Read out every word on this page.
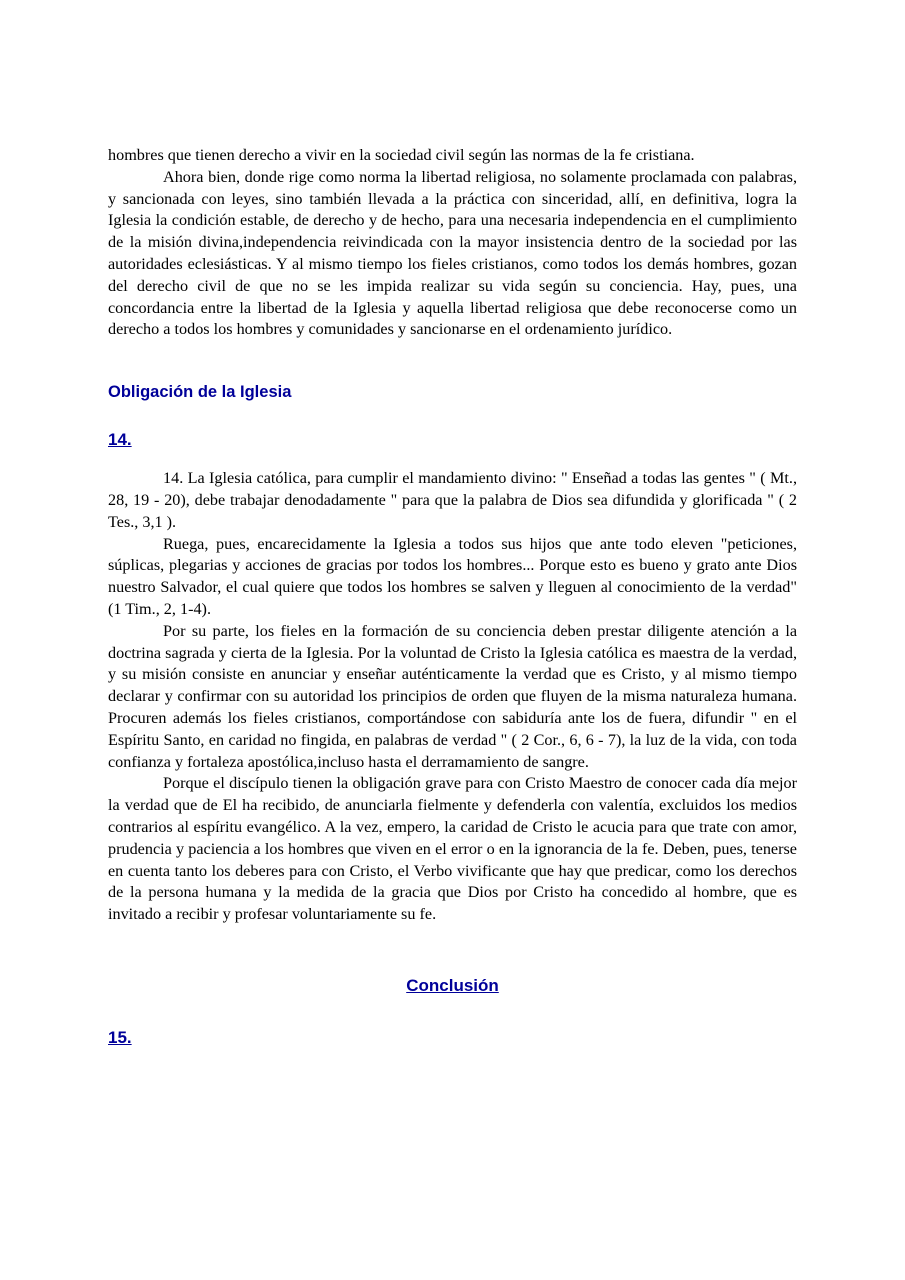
hombres que tienen derecho a vivir en la sociedad civil según las normas de la fe cristiana.

Ahora bien, donde rige como norma la libertad religiosa, no solamente proclamada con palabras, y sancionada con leyes, sino también llevada a la práctica con sinceridad, allí, en definitiva, logra la Iglesia la condición estable, de derecho y de hecho, para una necesaria independencia en el cumplimiento de la misión divina,independencia reivindicada con la mayor insistencia dentro de la sociedad por las autoridades eclesiásticas. Y al mismo tiempo los fieles cristianos, como todos los demás hombres, gozan del derecho civil de que no se les impida realizar su vida según su conciencia. Hay, pues, una concordancia entre la libertad de la Iglesia y aquella libertad religiosa que debe reconocerse como un derecho a todos los hombres y comunidades y sancionarse en el ordenamiento jurídico.

Obligación de la Iglesia

14.

14. La Iglesia católica, para cumplir el mandamiento divino: " Enseñad a todas las gentes " ( Mt., 28, 19 - 20), debe trabajar denodadamente " para que la palabra de Dios sea difundida y glorificada " ( 2 Tes., 3,1 ).

Ruega, pues, encarecidamente la Iglesia a todos sus hijos que ante todo eleven "peticiones, súplicas, plegarias y acciones de gracias por todos los hombres... Porque esto es bueno y grato ante Dios nuestro Salvador, el cual quiere que todos los hombres se salven y lleguen al conocimiento de la verdad" (1 Tim., 2, 1-4).

Por su parte, los fieles en la formación de su conciencia deben prestar diligente atención a la doctrina sagrada y cierta de la Iglesia. Por la voluntad de Cristo la Iglesia católica es maestra de la verdad, y su misión consiste en anunciar y enseñar auténticamente la verdad que es Cristo, y al mismo tiempo declarar y confirmar con su autoridad los principios de orden que fluyen de la misma naturaleza humana. Procuren además los fieles cristianos, comportándose con sabiduría ante los de fuera, difundir " en el Espíritu Santo, en caridad no fingida, en palabras de verdad " ( 2 Cor., 6, 6 - 7), la luz de la vida, con toda confianza y fortaleza apostólica,incluso hasta el derramamiento de sangre.

Porque el discípulo tienen la obligación grave para con Cristo Maestro de conocer cada día mejor la verdad que de El ha recibido, de anunciarla fielmente y defenderla con valentía, excluidos los medios contrarios al espíritu evangélico. A la vez, empero, la caridad de Cristo le acucia para que trate con amor, prudencia y paciencia a los hombres que viven en el error o en la ignorancia de la fe. Deben, pues, tenerse en cuenta tanto los deberes para con Cristo, el Verbo vivificante que hay que predicar, como los derechos de la persona humana y la medida de la gracia que Dios por Cristo ha concedido al hombre, que es invitado a recibir y profesar voluntariamente su fe.

Conclusión

15.
